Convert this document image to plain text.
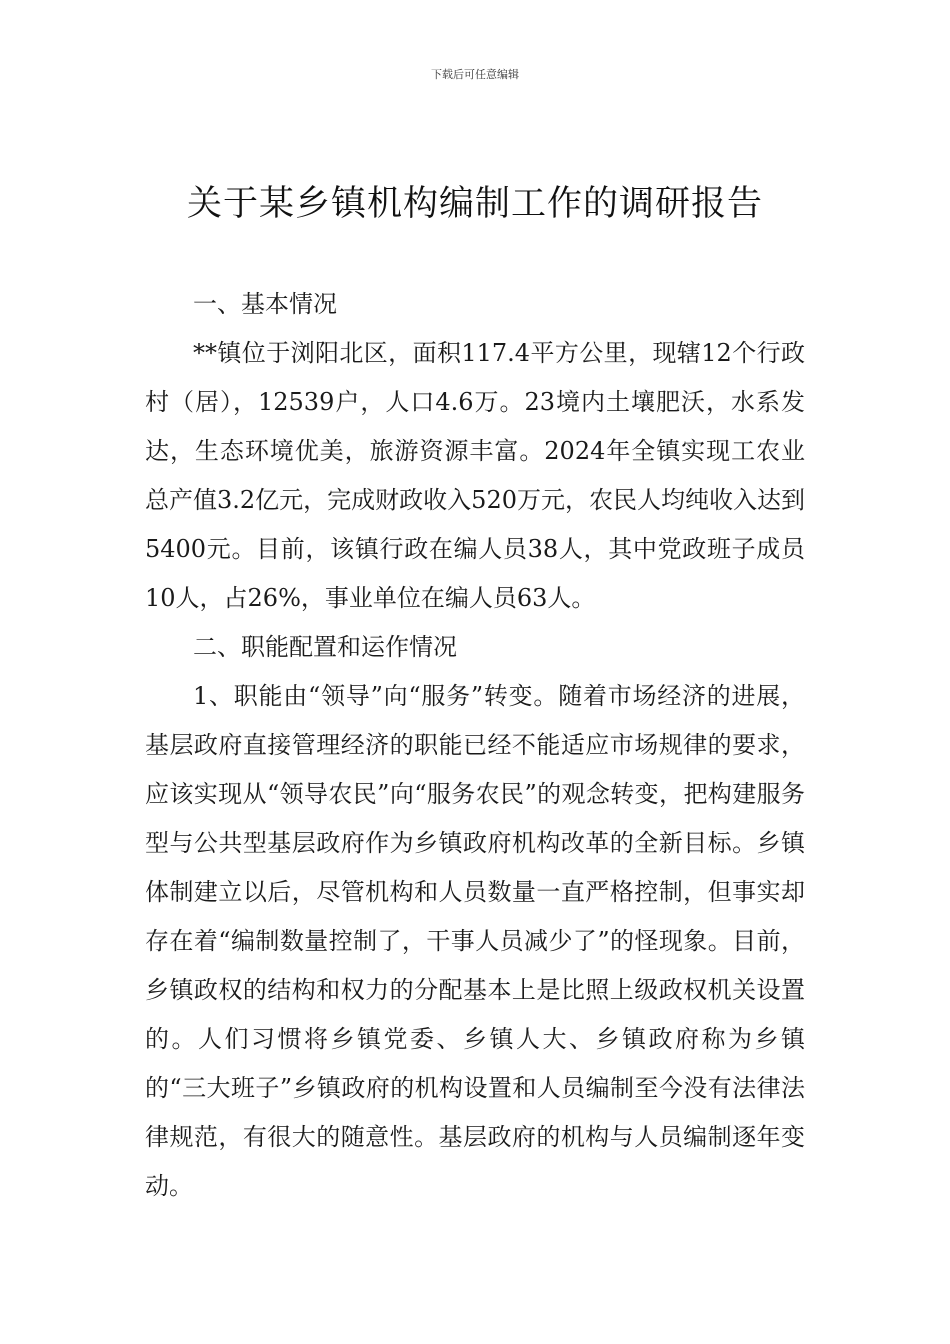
下载后可任意编辑
关于某乡镇机构编制工作的调研报告

一、基本情况

**镇位于浏阳北区，面积117.4平方公里，现辖12个行政村（居），12539户，人口4.6万。23境内土壤肥沃，水系发达，生态环境优美，旅游资源丰富。2024年全镇实现工农业总产值3.2亿元，完成财政收入520万元，农民人均纯收入达到5400元。目前，该镇行政在编人员38人，其中党政班子成员10人，占26%，事业单位在编人员63人。

二、职能配置和运作情况

1、职能由“领导”向“服务”转变。随着市场经济的进展，基层政府直接管理经济的职能已经不能适应市场规律的要求，应该实现从“领导农民”向“服务农民”的观念转变，把构建服务型与公共型基层政府作为乡镇政府机构改革的全新目标。乡镇体制建立以后，尽管机构和人员数量一直严格控制，但事实却存在着“编制数量控制了，干事人员减少了”的怪现象。目前，乡镇政权的结构和权力的分配基本上是比照上级政权机关设置的。人们习惯将乡镇党委、乡镇人大、乡镇政府称为乡镇的“三大班子”乡镇政府的机构设置和人员编制至今没有法律法律规范，有很大的随意性。基层政府的机构与人员编制逐年变动。
